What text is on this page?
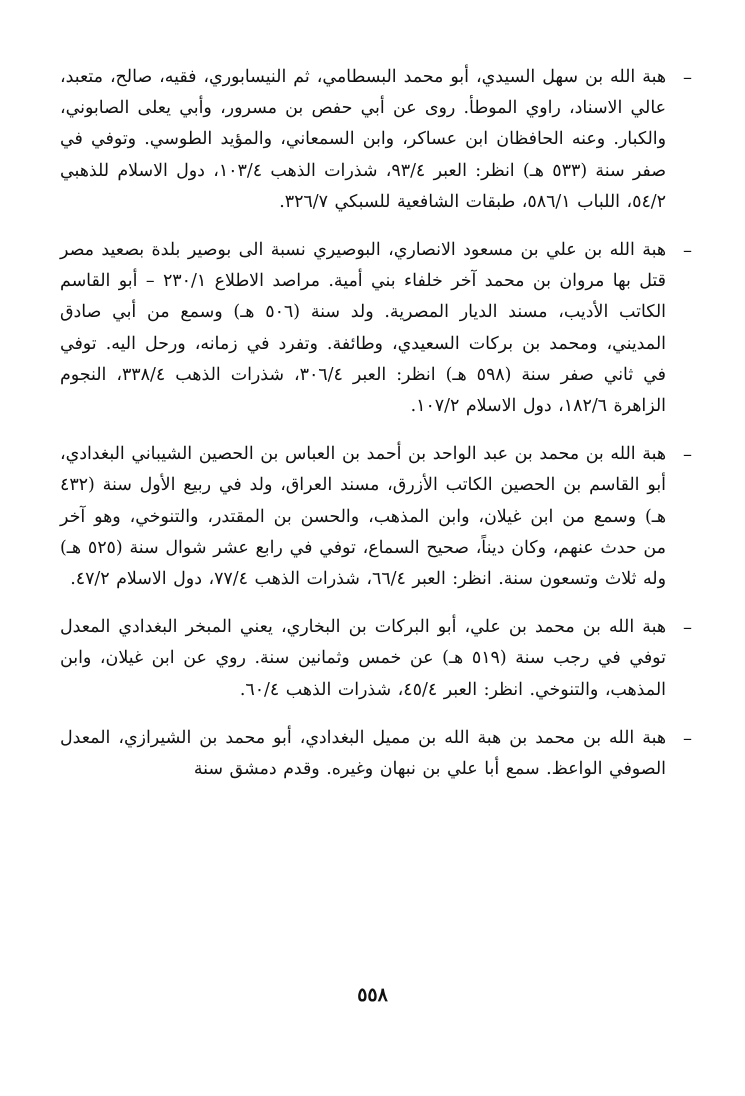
–
هبة الله بن سهل السيدي، أبو محمد البسطامي، ثم النيسابوري، فقيه، صالح، متعبد، عالي الاسناد، راوي الموطأ. روى عن أبي حفص بن مسرور، وأبي يعلى الصابوني، والكبار. وعنه الحافظان ابن عساكر، وابن السمعاني، والمؤيد الطوسي. وتوفي في صفر سنة (٥٣٣ هـ) انظر: العبر ٩٣/٤، شذرات الذهب ١٠٣/٤، دول الاسلام للذهبي ٥٤/٢، اللباب ٥٨٦/١، طبقات الشافعية للسبكي ٣٢٦/٧.
–
هبة الله بن علي بن مسعود الانصاري، البوصيري نسبة الى بوصير بلدة بصعيد مصر قتل بها مروان بن محمد آخر خلفاء بني أمية. مراصد الاطلاع ٢٣٠/١ – أبو القاسم الكاتب الأديب، مسند الديار المصرية. ولد سنة (٥٠٦ هـ) وسمع من أبي صادق المديني، ومحمد بن بركات السعيدي، وطائفة. وتفرد في زمانه، ورحل اليه. توفي في ثاني صفر سنة (٥٩٨ هـ) انظر: العبر ٣٠٦/٤، شذرات الذهب ٣٣٨/٤، النجوم الزاهرة ١٨٢/٦، دول الاسلام ١٠٧/٢.
–
هبة الله بن محمد بن عبد الواحد بن أحمد بن العباس بن الحصين الشيباني البغدادي، أبو القاسم بن الحصين الكاتب الأزرق، مسند العراق، ولد في ربيع الأول سنة (٤٣٢ هـ) وسمع من ابن غيلان، وابن المذهب، والحسن بن المقتدر، والتنوخي، وهو آخر من حدث عنهم، وكان ديناً، صحيح السماع، توفي في رابع عشر شوال سنة (٥٢٥ هـ) وله ثلاث وتسعون سنة. انظر: العبر ٦٦/٤، شذرات الذهب ٧٧/٤، دول الاسلام ٤٧/٢.
–
هبة الله بن محمد بن علي، أبو البركات بن البخاري، يعني المبخر البغدادي المعدل توفي في رجب سنة (٥١٩ هـ) عن خمس وثمانين سنة. روي عن ابن غيلان، وابن المذهب، والتنوخي. انظر: العبر ٤٥/٤، شذرات الذهب ٦٠/٤.
–
هبة الله بن محمد بن هبة الله بن مميل البغدادي، أبو محمد بن الشيرازي، المعدل الصوفي الواعظ. سمع أبا علي بن نبهان وغيره. وقدم دمشق سنة
٥٥٨
